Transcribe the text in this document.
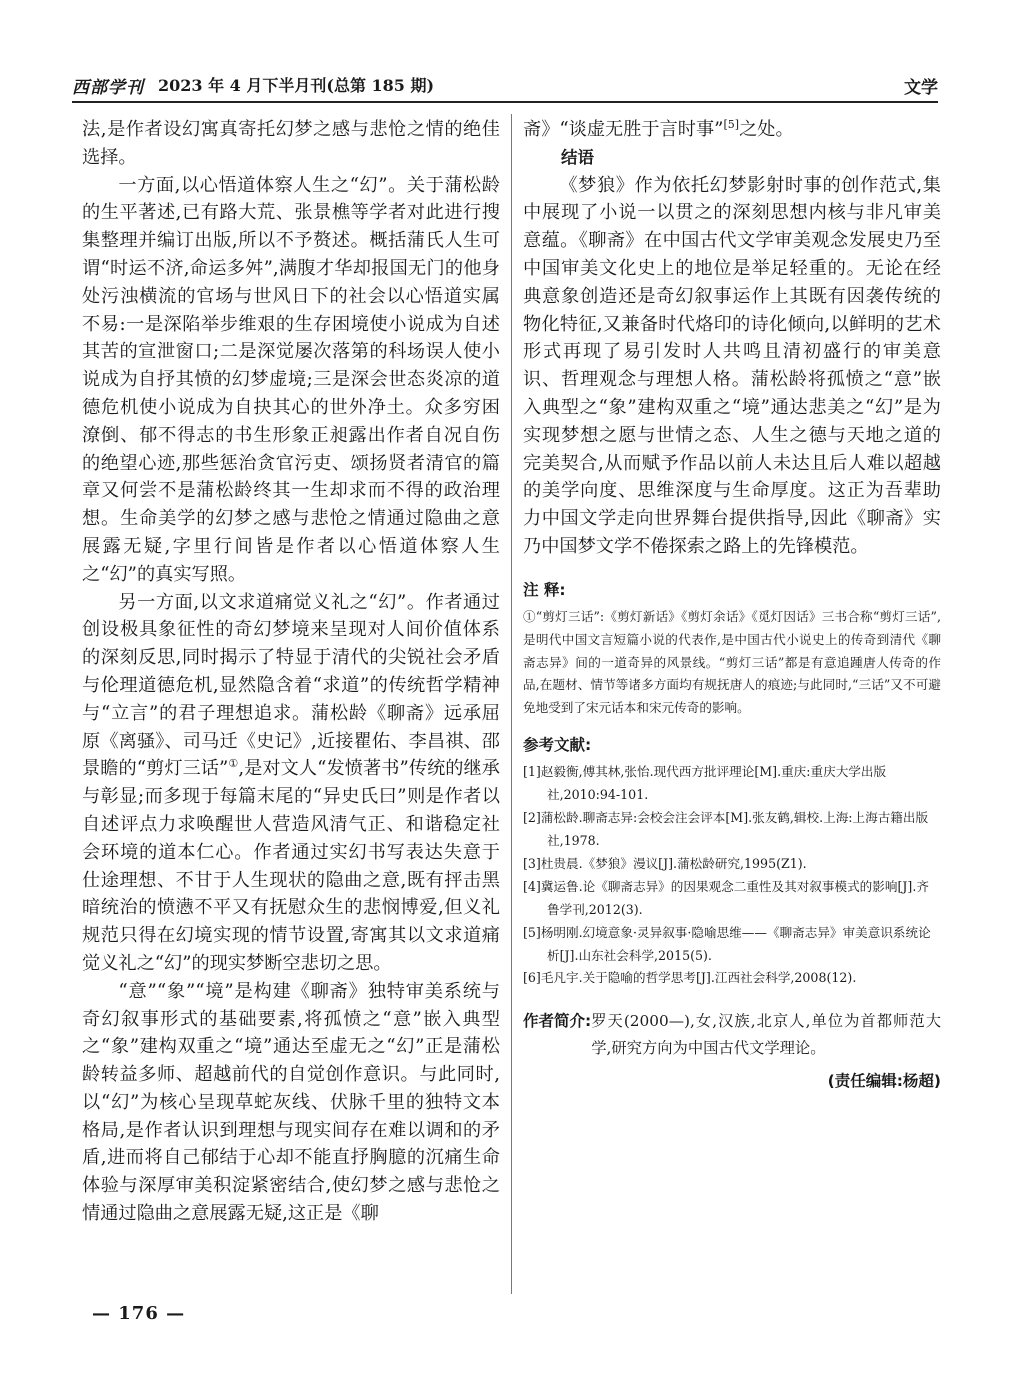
西部学刊 2023 年 4 月下半月刊(总第 185 期)	文学

法,是作者设幻寓真寄托幻梦之感与悲怆之情的绝佳选择。

一方面,以心悟道体察人生之“幻”。关于蒲松龄的生平著述,已有路大荒、张景樵等学者对此进行搜集整理并编订出版,所以不予赘述。概括蒲氏人生可谓“时运不济,命运多舛”,满腹才华却报国无门的他身处污浊横流的官场与世风日下的社会以心悟道实属不易:一是深陷举步维艰的生存困境使小说成为自述其苦的宣泄窗口;二是深觉屡次落第的科场误人使小说成为自抒其愤的幻梦虚境;三是深会世态炎凉的道德危机使小说成为自抉其心的世外净土。众多穷困潦倒、郁不得志的书生形象正昶露出作者自况自伤的绝望心迹,那些惩治贪官污吏、颂扬贤者清官的篇章又何尝不是蒲松龄终其一生却求而不得的政治理想。生命美学的幻梦之感与悲怆之情通过隐曲之意展露无疑,字里行间皆是作者以心悟道体察人生之“幻”的真实写照。

另一方面,以文求道痛觉义礼之“幻”。作者通过创设极具象征性的奇幻梦境来呈现对人间价值体系的深刻反思,同时揭示了特显于清代的尖锐社会矛盾与伦理道德危机,显然隐含着“求道”的传统哲学精神与“立言”的君子理想追求。蒲松龄《聊斋》远承屈原《离骚》、司马迁《史记》,近接瞿佑、李昌祺、邵景瞻的“剪灯三话”①,是对文人“发愤著书”传统的继承与彰显;而多现于每篇末尾的“异史氏曰”则是作者以自述评点力求唤醒世人营造风清气正、和谐稳定社会环境的道本仁心。作者通过实幻书写表达失意于仕途理想、不甘于人生现状的隐曲之意,既有抨击黑暗统治的愤懑不平又有抚慰众生的悲悯博爱,但义礼规范只得在幻境实现的情节设置,寄寓其以文求道痛觉义礼之“幻”的现实梦断空悲切之思。

“意”“象”“境”是构建《聊斋》独特审美系统与奇幻叙事形式的基础要素,将孤愤之“意”嵌入典型之“象”建构双重之“境”通达至虚无之“幻”正是蒲松龄转益多师、超越前代的自觉创作意识。与此同时,以“幻”为核心呈现草蛇灰线、伏脉千里的独特文本格局,是作者认识到理想与现实间存在难以调和的矛盾,进而将自己郁结于心却不能直抒胸臆的沉痛生命体验与深厚审美积淀紧密结合,使幻梦之感与悲怆之情通过隐曲之意展露无疑,这正是《聊

斋》“谈虚无胜于言时事”[5]之处。

结语

《梦狼》作为依托幻梦影射时事的创作范式,集中展现了小说一以贯之的深刻思想内核与非凡审美意蕴。《聊斋》在中国古代文学审美观念发展史乃至中国审美文化史上的地位是举足轻重的。无论在经典意象创造还是奇幻叙事运作上其既有因袭传统的物化特征,又兼备时代烙印的诗化倾向,以鲜明的艺术形式再现了易引发时人共鸣且清初盛行的审美意识、哲理观念与理想人格。蒲松龄将孤愤之“意”嵌入典型之“象”建构双重之“境”通达悲美之“幻”是为实现梦想之愿与世情之态、人生之德与天地之道的完美契合,从而赋予作品以前人未达且后人难以超越的美学向度、思维深度与生命厚度。这正为吾辈助力中国文学走向世界舞台提供指导,因此《聊斋》实乃中国梦文学不倦探索之路上的先锋模范。

注 释:

①“剪灯三话”:《剪灯新话》《剪灯余话》《觅灯因话》三书合称“剪灯三话”,是明代中国文言短篇小说的代表作,是中国古代小说史上的传奇到清代《聊斋志异》间的一道奇异的风景线。“剪灯三话”都是有意追踵唐人传奇的作品,在题材、情节等诸多方面均有规抚唐人的痕迹;与此同时,“三话”又不可避免地受到了宋元话本和宋元传奇的影响。

参考文献:

[1]赵毅衡,傅其林,张怡.现代西方批评理论[M].重庆:重庆大学出版社,2010:94-101.

[2]蒲松龄.聊斋志异:会校会注会评本[M].张友鹤,辑校.上海:上海古籍出版社,1978.

[3]杜贵晨.《梦狼》漫议[J].蒲松龄研究,1995(Z1).

[4]冀运鲁.论《聊斋志异》的因果观念二重性及其对叙事模式的影响[J].齐鲁学刊,2012(3).

[5]杨明刚.幻境意象·灵异叙事·隐喻思维——《聊斋志异》审美意识系统论析[J].山东社会科学,2015(5).

[6]毛凡宇.关于隐喻的哲学思考[J].江西社会科学,2008(12).

作者简介: 罗天(2000—),女,汉族,北京人,单位为首都师范大学,研究方向为中国古代文学理论。

(责任编辑:杨超)

— 176 —
